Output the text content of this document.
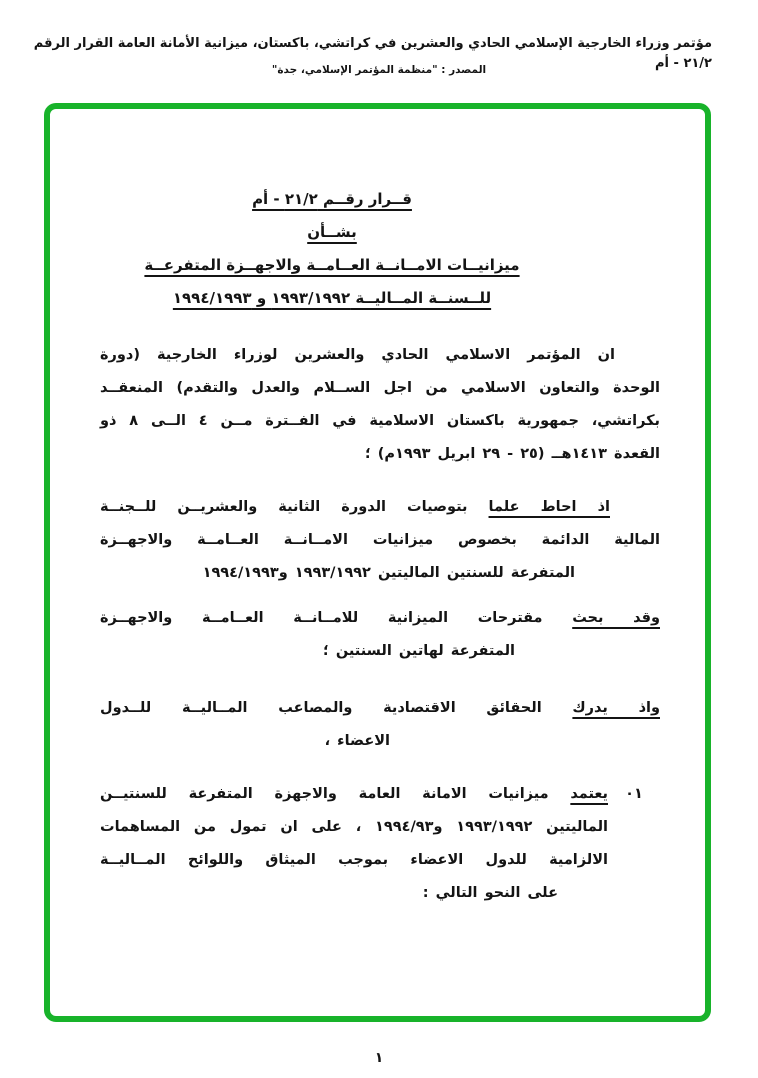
مؤتمر وزراء الخارجية الإسلامي الحادي والعشرين في كراتشي، باكستان، ميزانية الأمانة العامة القرار الرقم ٢١/٢ - أم
المصدر : "منظمة المؤتمر الإسلامي، جدة"
قــرار رقــم ٢١/٢ - أم
بشــأن
ميزانيــات الامــانــة العــامــة والاجهــزة المتفرعــة
للــسنــة المــاليــة ١٩٩٣/١٩٩٢ و ١٩٩٤/١٩٩٣
ان المؤتمر الاسلامي الحادي والعشرين لوزراء الخارجية (دورة
الوحدة والتعاون الاسلامي من اجل الســلام والعدل والتقدم) المنعقــد
بكراتشي، جمهورية باكستان الاسلامية في الفــترة مــن ٤ الــى ٨ ذو
القعدة ١٤١٣هــ (٢٥ - ٢٩ ابريل ١٩٩٣م) ؛
اذ احاط علما بتوصيات الدورة الثانية والعشريــن للــجنــة
المالية الدائمة بخصوص ميزانيات الامــانــة العــامــة والاجهــزة
المتفرعة للسنتين الماليتين ١٩٩٣/١٩٩٢ و١٩٩٤/١٩٩٣
وقد بحث مقترحات الميزانية للامــانــة العــامــة والاجهــزة
المتفرعة لهاتين السنتين ؛
واذ يدرك الحقائق الاقتصادية والمصاعب المــاليــة للــدول
الاعضاء ،
٠١
يعتمد ميزانيات الامانة العامة والاجهزة المتفرعة للسنتيــن
الماليتين ١٩٩٣/١٩٩٢ و١٩٩٤/٩٣ ، على ان تمول من المساهمات
الالزامية للدول الاعضاء بموجب الميثاق واللوائح المــاليــة
على النحو التالي :
١
